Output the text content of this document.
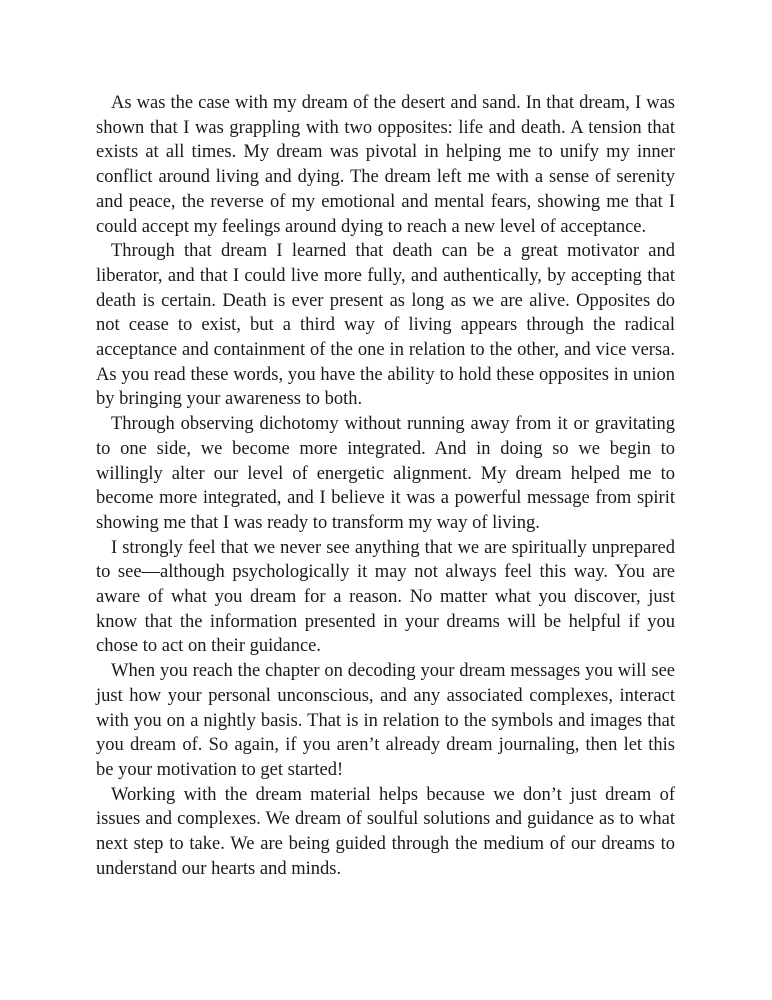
As was the case with my dream of the desert and sand. In that dream, I was shown that I was grappling with two opposites: life and death. A tension that exists at all times. My dream was pivotal in helping me to unify my inner conflict around living and dying. The dream left me with a sense of serenity and peace, the reverse of my emotional and mental fears, showing me that I could accept my feelings around dying to reach a new level of acceptance.

Through that dream I learned that death can be a great motivator and liberator, and that I could live more fully, and authentically, by accepting that death is certain. Death is ever present as long as we are alive. Opposites do not cease to exist, but a third way of living appears through the radical acceptance and containment of the one in relation to the other, and vice versa. As you read these words, you have the ability to hold these opposites in union by bringing your awareness to both.

Through observing dichotomy without running away from it or gravitating to one side, we become more integrated. And in doing so we begin to willingly alter our level of energetic alignment. My dream helped me to become more integrated, and I believe it was a powerful message from spirit showing me that I was ready to transform my way of living.

I strongly feel that we never see anything that we are spiritually unprepared to see—although psychologically it may not always feel this way. You are aware of what you dream for a reason. No matter what you discover, just know that the information presented in your dreams will be helpful if you chose to act on their guidance.

When you reach the chapter on decoding your dream messages you will see just how your personal unconscious, and any associated complexes, interact with you on a nightly basis. That is in relation to the symbols and images that you dream of. So again, if you aren’t already dream journaling, then let this be your motivation to get started!

Working with the dream material helps because we don’t just dream of issues and complexes. We dream of soulful solutions and guidance as to what next step to take. We are being guided through the medium of our dreams to understand our hearts and minds.
